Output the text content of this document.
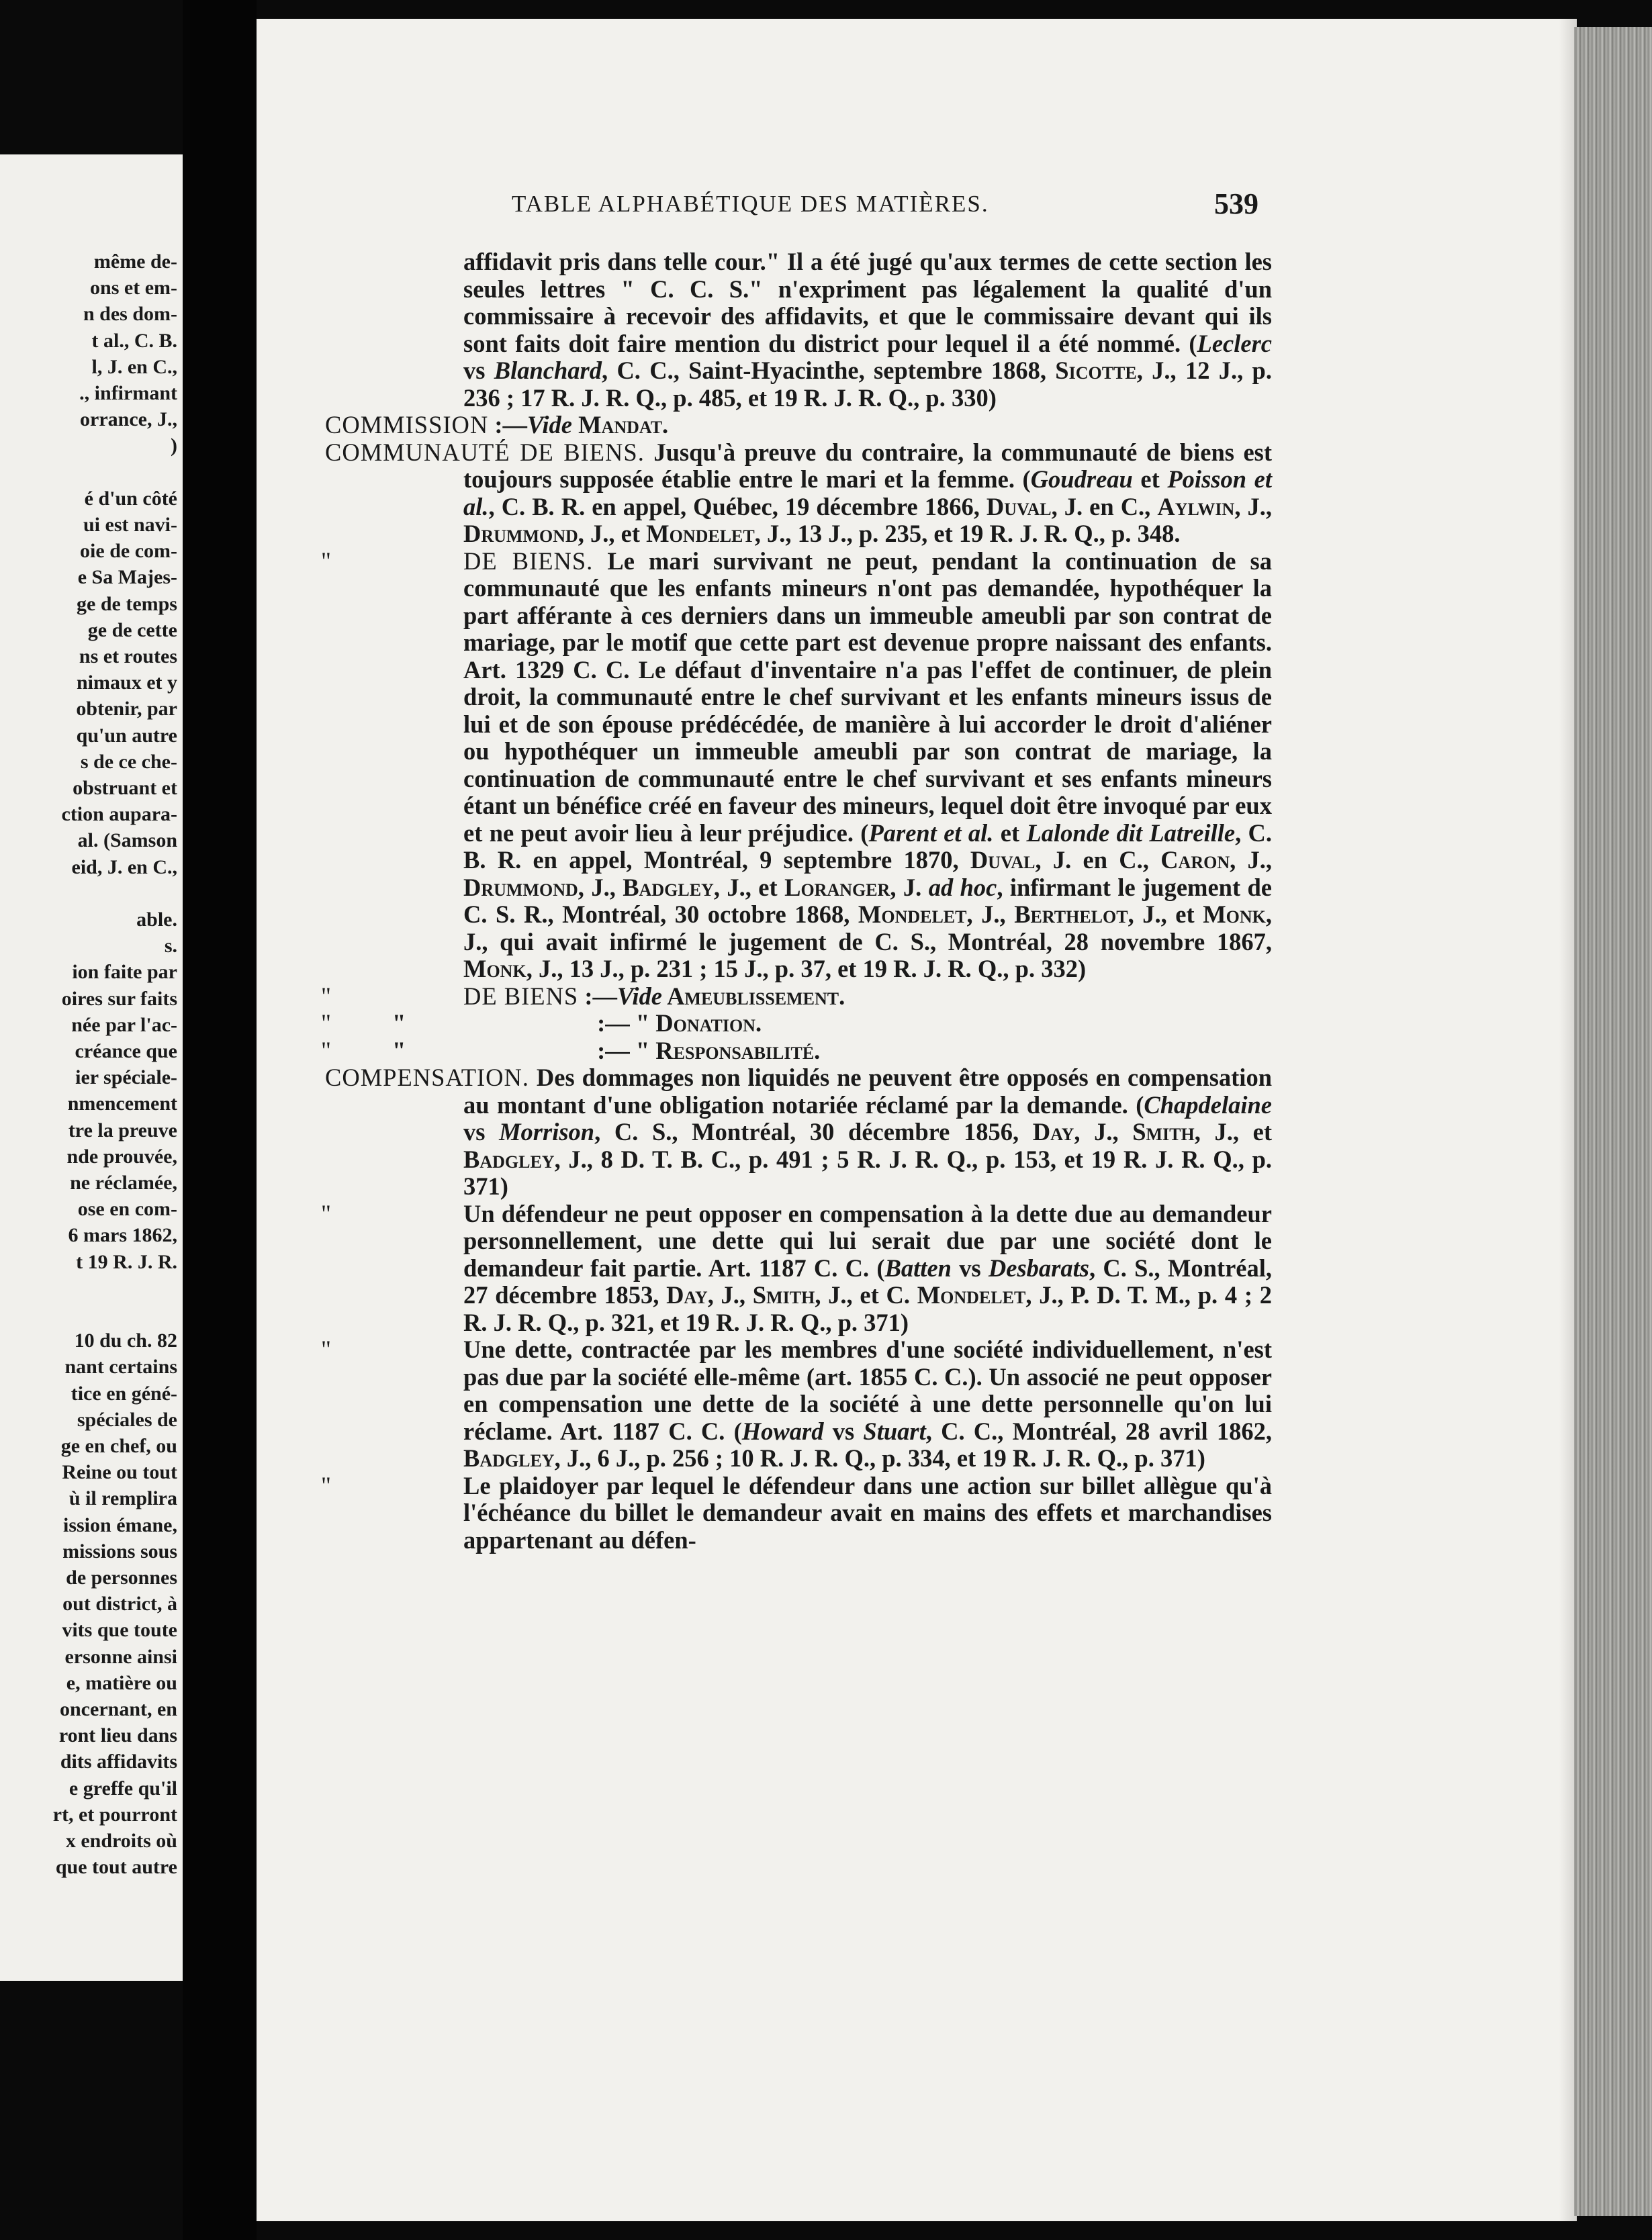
même de-
ons et em-
n des dom-
t al., C. B.
l, J. en C.,
., infirmant
orrance, J.,
)
é d'un côté
ui est navi-
oie de com-
e Sa Majes-
ge de temps
ge de cette
ns et routes
nimaux et y
obtenir, par
qu'un autre
s de ce che-
obstruant et
ction aupara-
al. (Samson
eid, J. en C.,
able.
s.
ion faite par
oires sur faits
née par l'ac-
créance que
ier spéciale-
nmencement
tre la preuve
nde prouvée,
ne réclamée,
ose en com-
6 mars 1862,
t 19 R. J. R.
10 du ch. 82
nant certains
tice en géné-
spéciales de
ge en chef, ou
Reine ou tout
ù il remplira
ission émane,
missions sous
de personnes
out district, à
vits que toute
ersonne ainsi
e, matière ou
oncernant, en
ront lieu dans
dits affidavits
e greffe qu'il
rt, et pourront
x endroits où
que tout autre
TABLE ALPHABÉTIQUE DES MATIÈRES.	539
affidavit pris dans telle cour." Il a été jugé qu'aux termes de cette section les seules lettres " C. C. S." n'expriment pas légalement la qualité d'un commissaire à recevoir des affidavits, et que le commissaire devant qui ils sont faits doit faire mention du district pour lequel il a été nommé. (Leclerc vs Blanchard, C. C., Saint-Hyacinthe, septembre 1868, Sicotte, J., 12 J., p. 236 ; 17 R. J. R. Q., p. 485, et 19 R. J. R. Q., p. 330)
COMMISSION :—Vide Mandat.
COMMUNAUTÉ DE BIENS. Jusqu'à preuve du contraire, la communauté de biens est toujours supposée établie entre le mari et la femme. (Goudreau et Poisson et al., C. B. R. en appel, Québec, 19 décembre 1866, Duval, J. en C., Aylwin, J., Drummond, J., et Mondelet, J., 13 J., p. 235, et 19 R. J. R. Q., p. 348.
"	DE BIENS. Le mari survivant ne peut, pendant la continuation de sa communauté que les enfants mineurs n'ont pas demandée, hypothéquer la part afférante à ces derniers dans un immeuble ameubli par son contrat de mariage, par le motif que cette part est devenue propre naissant des enfants. Art. 1329 C. C. Le défaut d'inventaire n'a pas l'effet de continuer, de plein droit, la communauté entre le chef survivant et les enfants mineurs issus de lui et de son épouse prédécédée, de manière à lui accorder le droit d'aliéner ou hypothéquer un immeuble ameubli par son contrat de mariage, la continuation de communauté entre le chef survivant et ses enfants mineurs étant un bénéfice créé en faveur des mineurs, lequel doit être invoqué par eux et ne peut avoir lieu à leur préjudice. (Parent et al. et Lalonde dit Latreille, C. B. R. en appel, Montréal, 9 septembre 1870, Duval, J. en C., Caron, J., Drummond, J., Badgley, J., et Loranger, J. ad hoc, infirmant le jugement de C. S. R., Montréal, 30 octobre 1868, Mondelet, J., Berthelot, J., et Monk, J., qui avait infirmé le jugement de C. S., Montréal, 28 novembre 1867, Monk, J., 13 J., p. 231 ; 15 J., p. 37, et 19 R. J. R. Q., p. 332)
"	DE BIENS :—Vide Ameublissement.
" "	:— " Donation.
" "	:— " Responsabilité.
COMPENSATION. Des dommages non liquidés ne peuvent être opposés en compensation au montant d'une obligation notariée réclamé par la demande. (Chapdelaine vs Morrison, C. S., Montréal, 30 décembre 1856, Day, J., Smith, J., et Badgley, J., 8 D. T. B. C., p. 491 ; 5 R. J. R. Q., p. 153, et 19 R. J. R. Q., p. 371)
"	Un défendeur ne peut opposer en compensation à la dette due au demandeur personnellement, une dette qui lui serait due par une société dont le demandeur fait partie. Art. 1187 C. C. (Batten vs Desbarats, C. S., Montréal, 27 décembre 1853, Day, J., Smith, J., et C. Mondelet, J., P. D. T. M., p. 4 ; 2 R. J. R. Q., p. 321, et 19 R. J. R. Q., p. 371)
"	Une dette, contractée par les membres d'une société individuellement, n'est pas due par la société elle-même (art. 1855 C. C.). Un associé ne peut opposer en compensation une dette de la société à une dette personnelle qu'on lui réclame. Art. 1187 C. C. (Howard vs Stuart, C. C., Montréal, 28 avril 1862, Badgley, J., 6 J., p. 256 ; 10 R. J. R. Q., p. 334, et 19 R. J. R. Q., p. 371)
"	Le plaidoyer par lequel le défendeur dans une action sur billet allègue qu'à l'échéance du billet le demandeur avait en mains des effets et marchandises appartenant au défen-
